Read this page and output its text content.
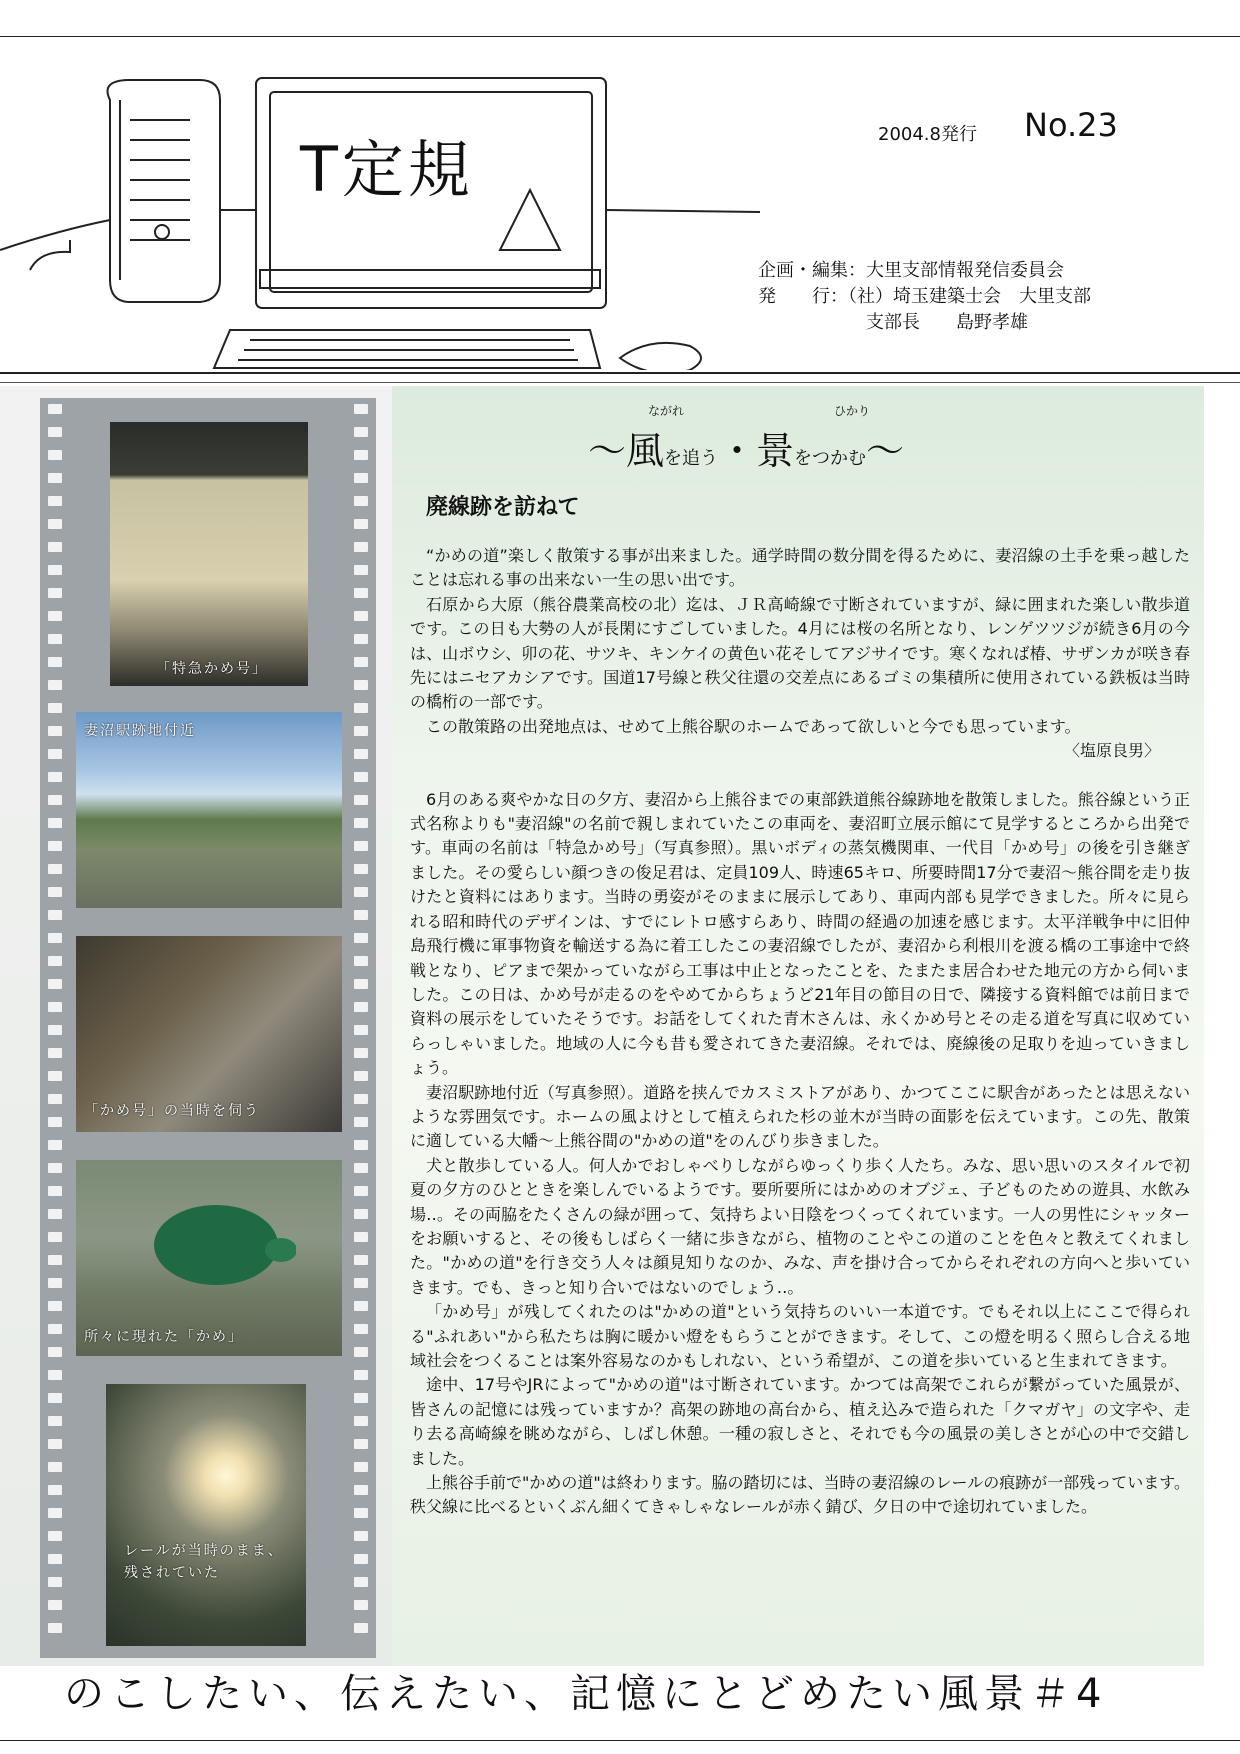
T定規	2004.8発行 No.23
企画・編集：大里支部情報発信委員会
発　　行：（社）埼玉建築士会　大里支部
　　　　　　支部長　　島野孝雄
「特急かめ号」
妻沼駅跡地付近
「かめ号」の当時を伺う
所々に現れた「かめ」
レールが当時のまま、
残されていた
ながれ	ひかり
～風を追う・景をつかむ～
廃線跡を訪ねて

“かめの道”楽しく散策する事が出来ました。通学時間の数分間を得るために、妻沼線の土手を乗っ越したことは忘れる事の出来ない一生の思い出です。

石原から大原（熊谷農業高校の北）迄は、ＪＲ高崎線で寸断されていますが、緑に囲まれた楽しい散歩道です。この日も大勢の人が長閑にすごしていました。4月には桜の名所となり、レンゲツツジが続き6月の今は、山ボウシ、卯の花、サツキ、キンケイの黄色い花そしてアジサイです。寒くなれば椿、サザンカが咲き春先にはニセアカシアです。国道17号線と秩父往還の交差点にあるゴミの集積所に使用されている鉄板は当時の橋桁の一部です。

この散策路の出発地点は、せめて上熊谷駅のホームであって欲しいと今でも思っています。

〈塩原良男〉

6月のある爽やかな日の夕方、妻沼から上熊谷までの東部鉄道熊谷線跡地を散策しました。熊谷線という正式名称よりも"妻沼線"の名前で親しまれていたこの車両を、妻沼町立展示館にて見学するところから出発です。車両の名前は「特急かめ号」（写真参照）。黒いボディの蒸気機関車、一代目「かめ号」の後を引き継ぎました。その愛らしい顔つきの俊足君は、定員109人、時速65キロ、所要時間17分で妻沼～熊谷間を走り抜けたと資料にはあります。当時の勇姿がそのままに展示してあり、車両内部も見学できました。所々に見られる昭和時代のデザインは、すでにレトロ感すらあり、時間の経過の加速を感じます。太平洋戦争中に旧仲島飛行機に軍事物資を輸送する為に着工したこの妻沼線でしたが、妻沼から利根川を渡る橋の工事途中で終戦となり、ピアまで架かっていながら工事は中止となったことを、たまたま居合わせた地元の方から伺いました。この日は、かめ号が走るのをやめてからちょうど21年目の節目の日で、隣接する資料館では前日まで資料の展示をしていたそうです。お話をしてくれた青木さんは、永くかめ号とその走る道を写真に収めていらっしゃいました。地域の人に今も昔も愛されてきた妻沼線。それでは、廃線後の足取りを辿っていきましょう。

妻沼駅跡地付近（写真参照）。道路を挟んでカスミストアがあり、かつてここに駅舎があったとは思えないような雰囲気です。ホームの風よけとして植えられた杉の並木が当時の面影を伝えています。この先、散策に適している大幡～上熊谷間の"かめの道"をのんびり歩きました。

犬と散歩している人。何人かでおしゃべりしながらゆっくり歩く人たち。みな、思い思いのスタイルで初夏の夕方のひとときを楽しんでいるようです。要所要所にはかめのオブジェ、子どものための遊具、水飲み場‥。その両脇をたくさんの緑が囲って、気持ちよい日陰をつくってくれています。一人の男性にシャッターをお願いすると、その後もしばらく一緒に歩きながら、植物のことやこの道のことを色々と教えてくれました。"かめの道"を行き交う人々は顔見知りなのか、みな、声を掛け合ってからそれぞれの方向へと歩いていきます。でも、きっと知り合いではないのでしょう‥。

「かめ号」が残してくれたのは"かめの道"という気持ちのいい一本道です。でもそれ以上にここで得られる"ふれあい"から私たちは胸に暖かい燈をもらうことができます。そして、この燈を明るく照らし合える地域社会をつくることは案外容易なのかもしれない、という希望が、この道を歩いていると生まれてきます。

途中、17号やJRによって"かめの道"は寸断されています。かつては高架でこれらが繋がっていた風景が、皆さんの記憶には残っていますか？高架の跡地の高台から、植え込みで造られた「クマガヤ」の文字や、走り去る高崎線を眺めながら、しばし休憩。一種の寂しさと、それでも今の風景の美しさとが心の中で交錯しました。

上熊谷手前で"かめの道"は終わります。脇の踏切には、当時の妻沼線のレールの痕跡が一部残っています。秩父線に比べるといくぶん細くてきゃしゃなレールが赤く錆び、夕日の中で途切れていました。

のこしたい、伝えたい、記憶にとどめたい風景＃4
